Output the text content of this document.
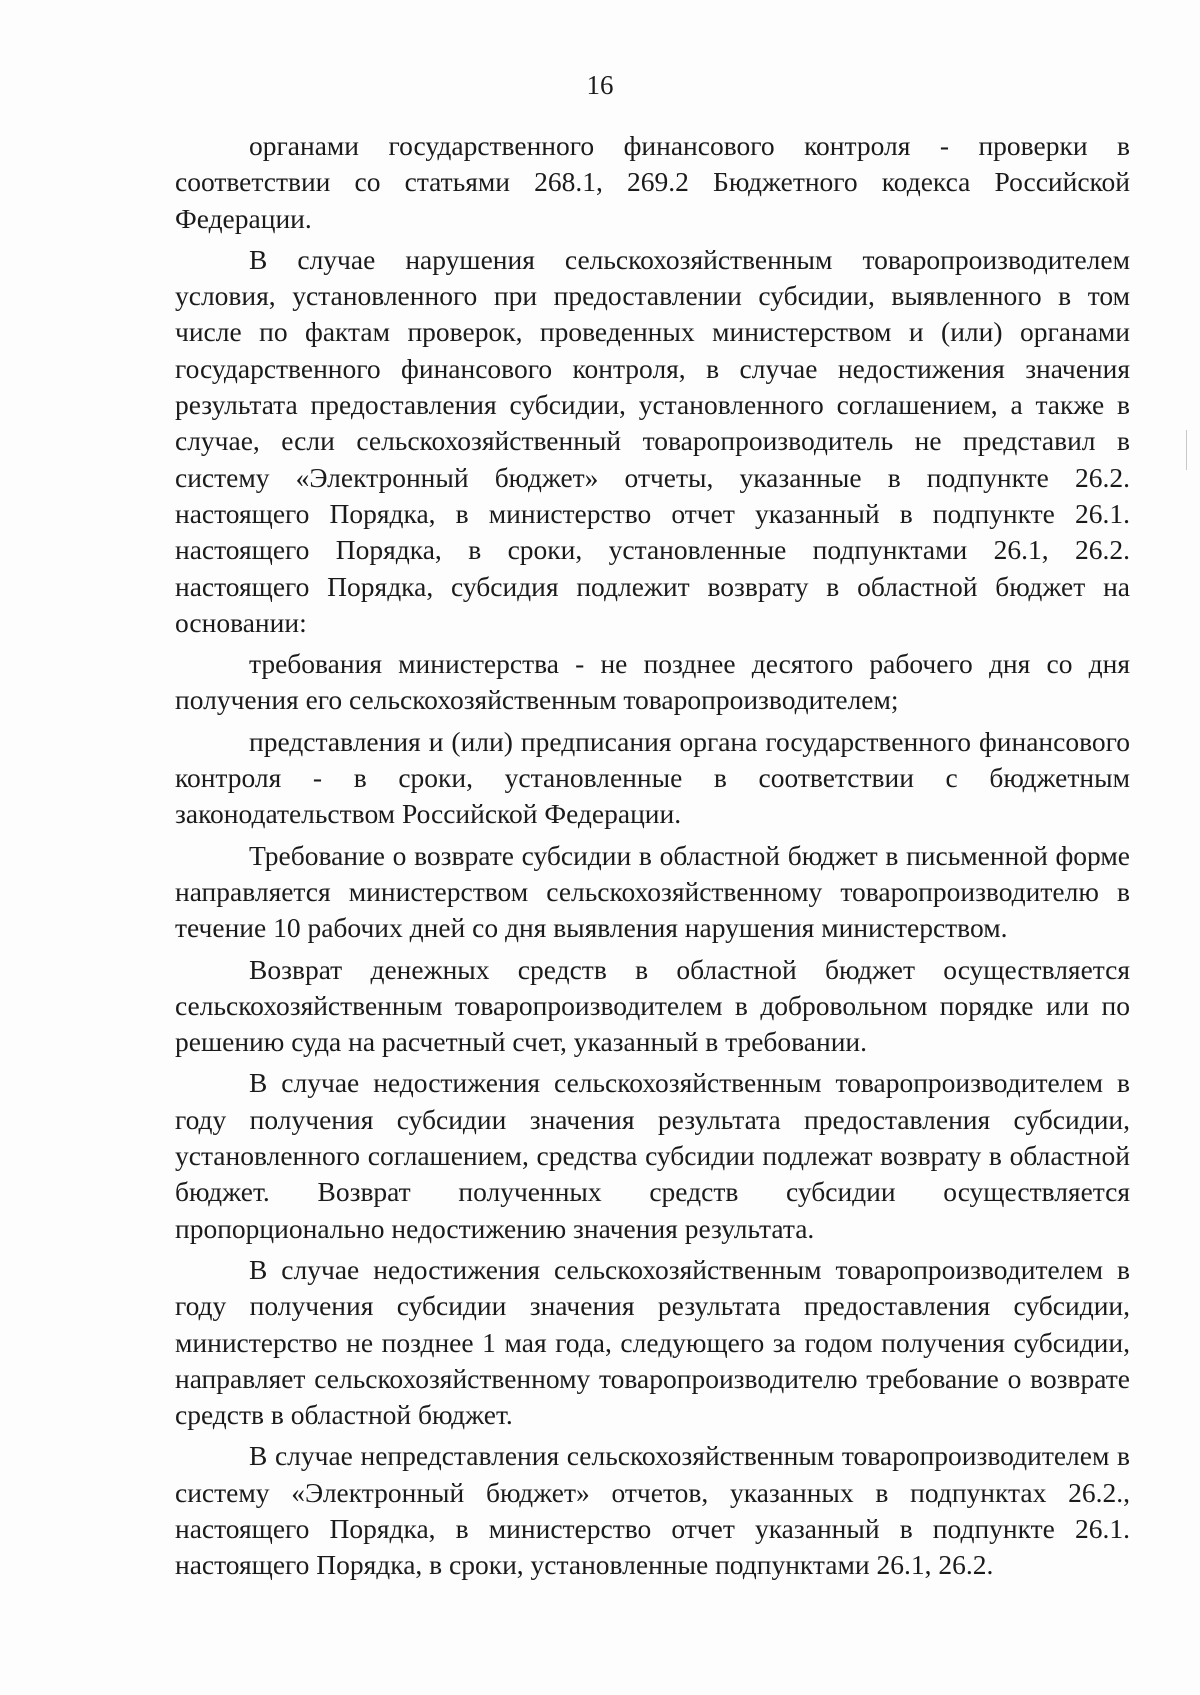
16

органами государственного финансового контроля - проверки в соответствии со статьями 268.1, 269.2 Бюджетного кодекса Российской Федерации.

В случае нарушения сельскохозяйственным товаропроизводителем условия, установленного при предоставлении субсидии, выявленного в том числе по фактам проверок, проведенных министерством и (или) органами государственного финансового контроля, в случае недостижения значения результата предоставления субсидии, установленного соглашением, а также в случае, если сельскохозяйственный товаропроизводитель не представил в систему «Электронный бюджет» отчеты, указанные в подпункте 26.2. настоящего Порядка, в министерство отчет указанный в подпункте 26.1. настоящего Порядка, в сроки, установленные подпунктами 26.1, 26.2. настоящего Порядка, субсидия подлежит возврату в областной бюджет на основании:

требования министерства - не позднее десятого рабочего дня со дня получения его сельскохозяйственным товаропроизводителем;

представления и (или) предписания органа государственного финансового контроля - в сроки, установленные в соответствии с бюджетным законодательством Российской Федерации.

Требование о возврате субсидии в областной бюджет в письменной форме направляется министерством сельскохозяйственному товаропроизводителю в течение 10 рабочих дней со дня выявления нарушения министерством.

Возврат денежных средств в областной бюджет осуществляется сельскохозяйственным товаропроизводителем в добровольном порядке или по решению суда на расчетный счет, указанный в требовании.

В случае недостижения сельскохозяйственным товаропроизводителем в году получения субсидии значения результата предоставления субсидии, установленного соглашением, средства субсидии подлежат возврату в областной бюджет. Возврат полученных средств субсидии осуществляется пропорционально недостижению значения результата.

В случае недостижения сельскохозяйственным товаропроизводителем в году получения субсидии значения результата предоставления субсидии, министерство не позднее 1 мая года, следующего за годом получения субсидии, направляет сельскохозяйственному товаропроизводителю требование о возврате средств в областной бюджет.

В случае непредставления сельскохозяйственным товаропроизводителем в систему «Электронный бюджет» отчетов, указанных в подпунктах 26.2., настоящего Порядка, в министерство отчет указанный в подпункте 26.1. настоящего Порядка, в сроки, установленные подпунктами 26.1, 26.2.
